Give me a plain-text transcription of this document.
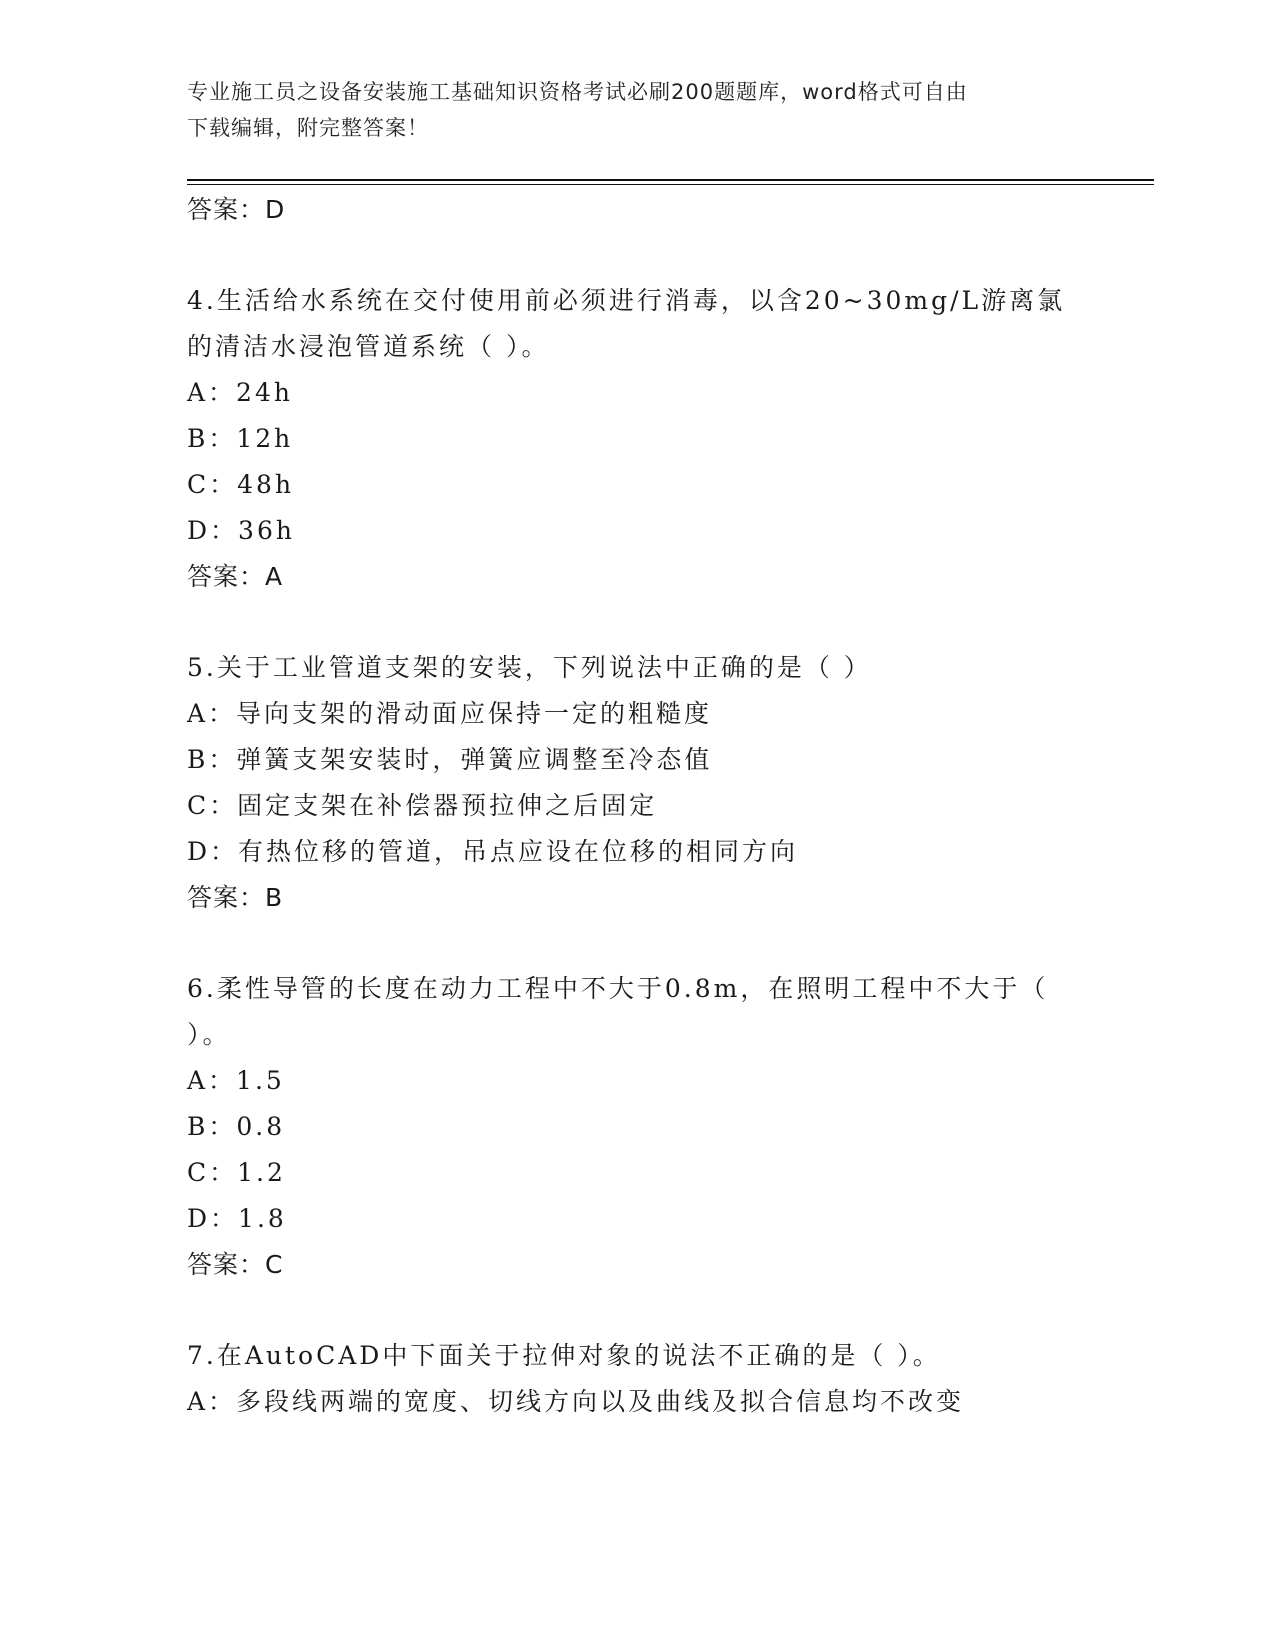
专业施工员之设备安装施工基础知识资格考试必刷200题题库，word格式可自由
下载编辑，附完整答案！
答案：D
4.生活给水系统在交付使用前必须进行消毒，以含20~30mg/L游离氯
的清洁水浸泡管道系统（ ）。
A：24h
B：12h
C：48h
D：36h
答案：A
5.关于工业管道支架的安装，下列说法中正确的是（ ）
A：导向支架的滑动面应保持一定的粗糙度
B：弹簧支架安装时，弹簧应调整至冷态值
C：固定支架在补偿器预拉伸之后固定
D：有热位移的管道，吊点应设在位移的相同方向
答案：B
6.柔性导管的长度在动力工程中不大于0.8m，在照明工程中不大于（
）。
A：1.5
B：0.8
C：1.2
D：1.8
答案：C
7.在AutoCAD中下面关于拉伸对象的说法不正确的是（ ）。
A：多段线两端的宽度、切线方向以及曲线及拟合信息均不改变
